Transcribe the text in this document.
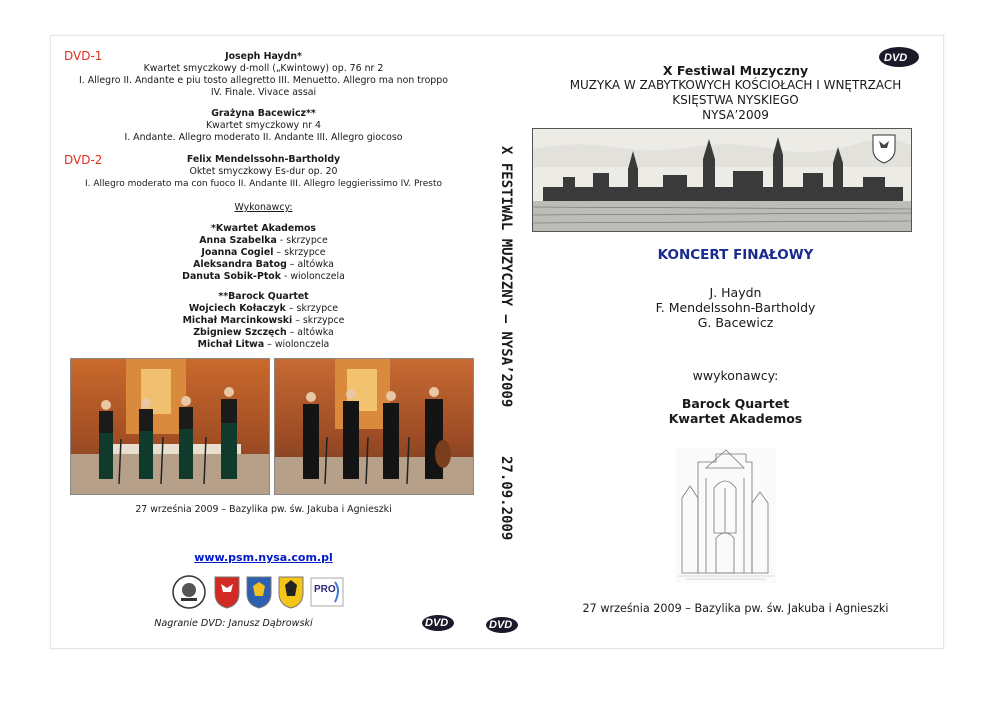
DVD-1
DVD-2
Joseph Haydn*
Kwartet smyczkowy d-moll („Kwintowy) op. 76 nr 2
I. Allegro II. Andante e piu tosto allegretto III. Menuetto. Allegro ma non troppo
IV. Finale. Vivace assai
Grażyna Bacewicz**
Kwartet smyczkowy nr 4
I. Andante. Allegro moderato II. Andante III. Allegro giocoso
Felix Mendelssohn-Bartholdy
Oktet smyczkowy Es-dur op. 20
I. Allegro moderato ma con fuoco II. Andante III. Allegro leggierissimo IV. Presto
Wykonawcy:
*Kwartet Akademos
Anna Szabelka - skrzypce
Joanna Cogiel – skrzypce
Aleksandra Batog – altówka
Danuta Sobik-Ptok - wiolonczela
**Barock Quartet
Wojciech Kołaczyk – skrzypce
Michał Marcinkowski – skrzypce
Zbigniew Szczęch – altówka
Michał Litwa – wiolonczela
27 września 2009 – Bazylika pw. św. Jakuba i Agnieszki
www.psm.nysa.com.pl
PRO
Nagranie DVD: Janusz Dąbrowski	DVD
X FESTIWAL MUZYCZNY – NYSA’2009
27.09.2009
DVD
DVD
X Festiwal Muzyczny
MUZYKA W ZABYTKOWYCH KOŚCIOŁACH I WNĘTRZACH
KSIĘSTWA NYSKIEGO
NYSA’2009
KONCERT FINAŁOWY
J. Haydn
F. Mendelssohn-Bartholdy
G. Bacewicz
wwykonawcy:
Barock Quartet
Kwartet Akademos
27 września 2009 – Bazylika pw. św. Jakuba i Agnieszki
